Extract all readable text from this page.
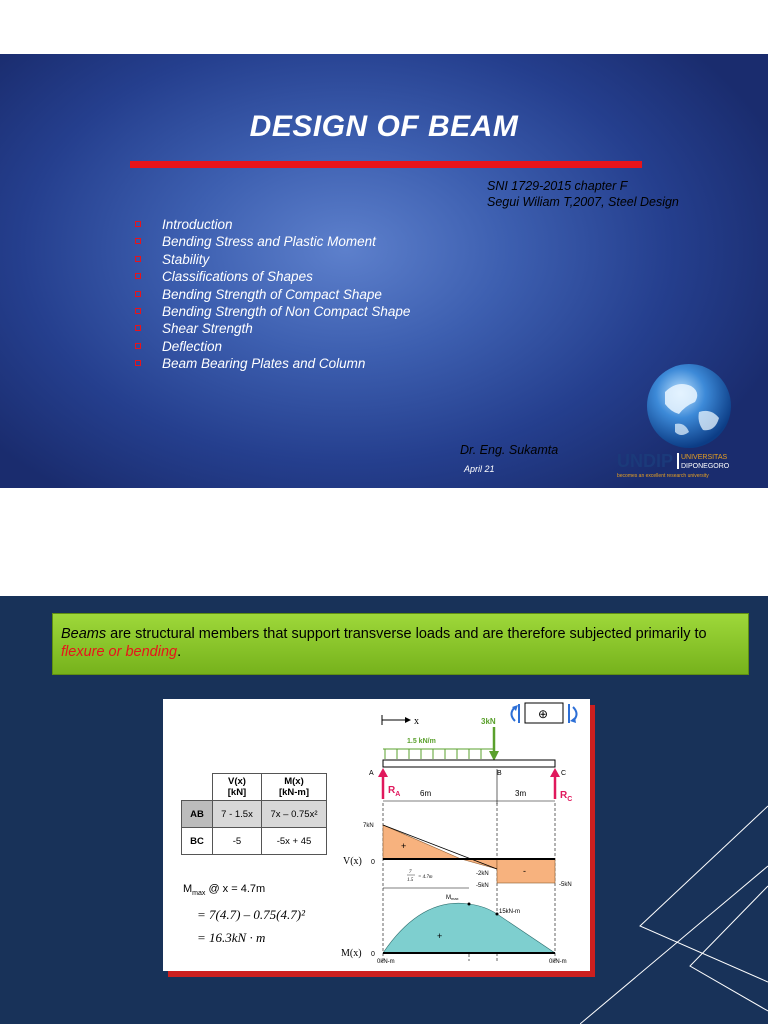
DESIGN OF BEAM
SNI 1729-2015 chapter F
Segui Wiliam T,2007, Steel Design
Introduction
Bending Stress and Plastic Moment
Stability
Classifications of Shapes
Bending Strength of Compact Shape
Bending Strength of Non Compact Shape
Shear Strength
Deflection
Beam Bearing Plates and Column
Dr. Eng. Sukamta
April 21	UNDIP UNIVERSITAS
DIPONEGORO
becomes an excellent research university
Beams are structural members that support transverse loads and are therefore subjected primarily to flexure or bending.
	V(x)
[kN]	M(x)
[kN-m]
AB	7 - 1.5x	7x – 0.75x²
BC	-5	-5x + 45
$M_{max}$ @ x = 4.7m
= 7(4.7) – 0.75(4.7)²
= 16.3kN · m
x
⊕
3kN
1.5 kN/m
A	B	C
$R_A$	$R_C$
6m	3m
V(x) 0
7kN
-2kN
-5kN	-5kN
+
-
7
1.5
= 4.7m
M(x) 0
Mmax
15kN-m
0kN-m	0kN-m
+
